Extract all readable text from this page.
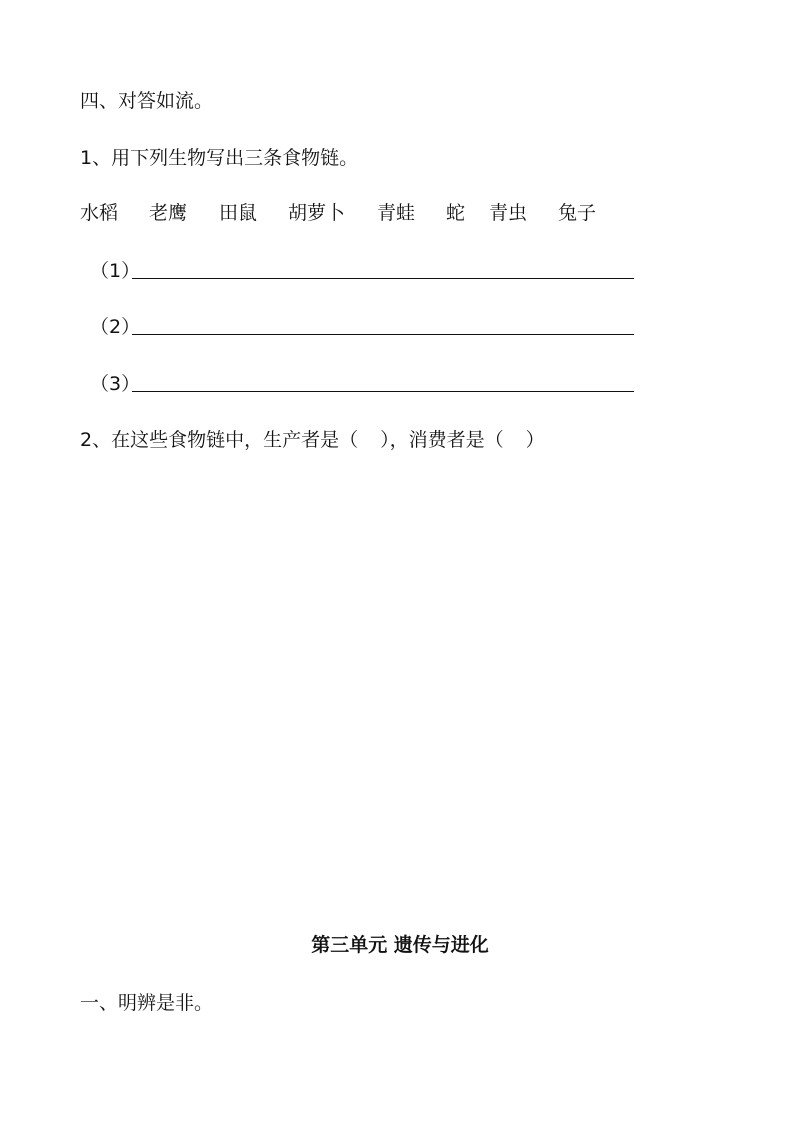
四、对答如流。
1、用下列生物写出三条食物链。
水稻 老鹰 田鼠 胡萝卜 青蛙 蛇 青虫 兔子
（1）
（2）
（3）
2、在这些食物链中，生产者是（ ），消费者是（ ）
第三单元 遗传与进化
一、明辨是非。
